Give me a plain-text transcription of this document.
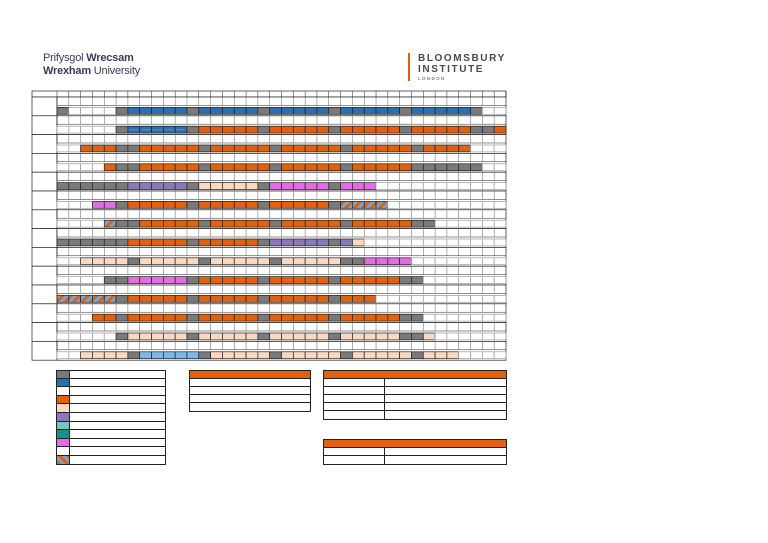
Prifysgol Wrecsam
Wrexham University
BLOOMSBURY
INSTITUTE
LONDON
